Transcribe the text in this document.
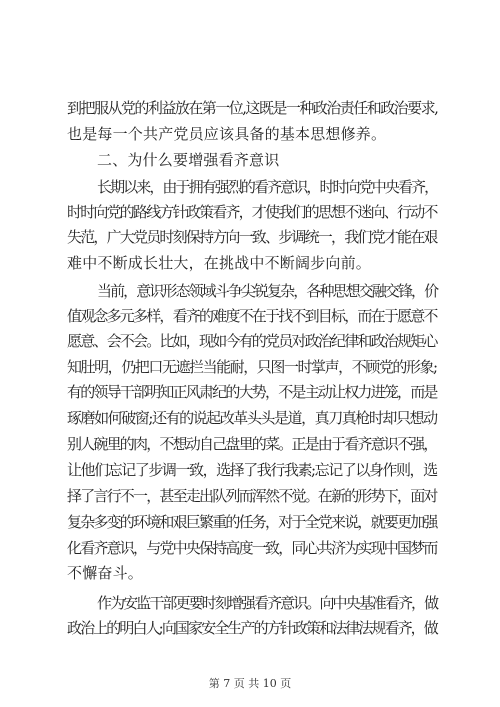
到把服从党的利益放在第一位,这既是一种政治责任和政治要求,
也是每一个共产党员应该具备的基本思想修养。
二、为什么要增强看齐意识
长期以来，由于拥有强烈的看齐意识，时时向党中央看齐，
时时向党的路线方针政策看齐，才使我们的思想不迷向、行动不
失范，广大党员时刻保持方向一致、步调统一，我们党才能在艰
难中不断成长壮大，在挑战中不断阔步向前。
当前，意识形态领域斗争尖锐复杂，各种思想交融交锋，价
值观念多元多样，看齐的难度不在于找不到目标，而在于愿意不
愿意、会不会。比如，现如今有的党员对政治纪律和政治规矩心
知肚明，仍把口无遮拦当能耐，只图一时掌声，不顾党的形象;
有的领导干部明知正风肃纪的大势，不是主动让权力进笼，而是
琢磨如何破窗;还有的说起改革头头是道，真刀真枪时却只想动
别人碗里的肉，不想动自己盘里的菜。正是由于看齐意识不强，
让他们忘记了步调一致，选择了我行我素;忘记了以身作则，选
择了言行不一，甚至走出队列而浑然不觉。在新的形势下，面对
复杂多变的环境和艰巨繁重的任务，对于全党来说，就要更加强
化看齐意识，与党中央保持高度一致，同心共济为实现中国梦而
不懈奋斗。
作为安监干部更要时刻增强看齐意识。向中央基准看齐，做
政治上的明白人;向国家安全生产的方针政策和法律法规看齐，做
第 7 页 共 10 页
